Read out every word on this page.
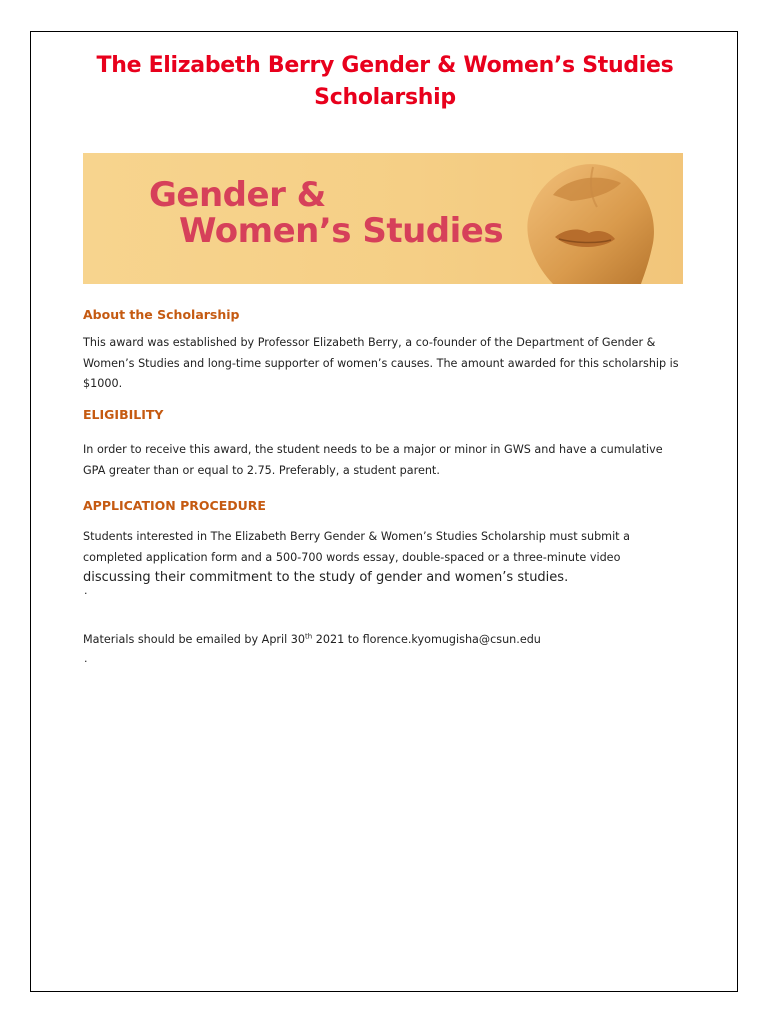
The Elizabeth Berry Gender & Women’s Studies
Scholarship
Gender &
Women’s Studies
About the Scholarship
This award was established by Professor Elizabeth Berry, a co-founder of the Department of Gender & Women’s Studies and long-time supporter of women’s causes. The amount awarded for this scholarship is $1000.
ELIGIBILITY
In order to receive this award, the student needs to be a major or minor in GWS and have a cumulative GPA greater than or equal to 2.75. Preferably, a student parent.
APPLICATION PROCEDURE
Students interested in The Elizabeth Berry Gender & Women’s Studies Scholarship must submit a completed application form and a 500-700 words essay, double-spaced or a three-minute video discussing their commitment to the study of gender and women’s studies.
.
Materials should be emailed by April 30th 2021 to florence.kyomugisha@csun.edu
.
